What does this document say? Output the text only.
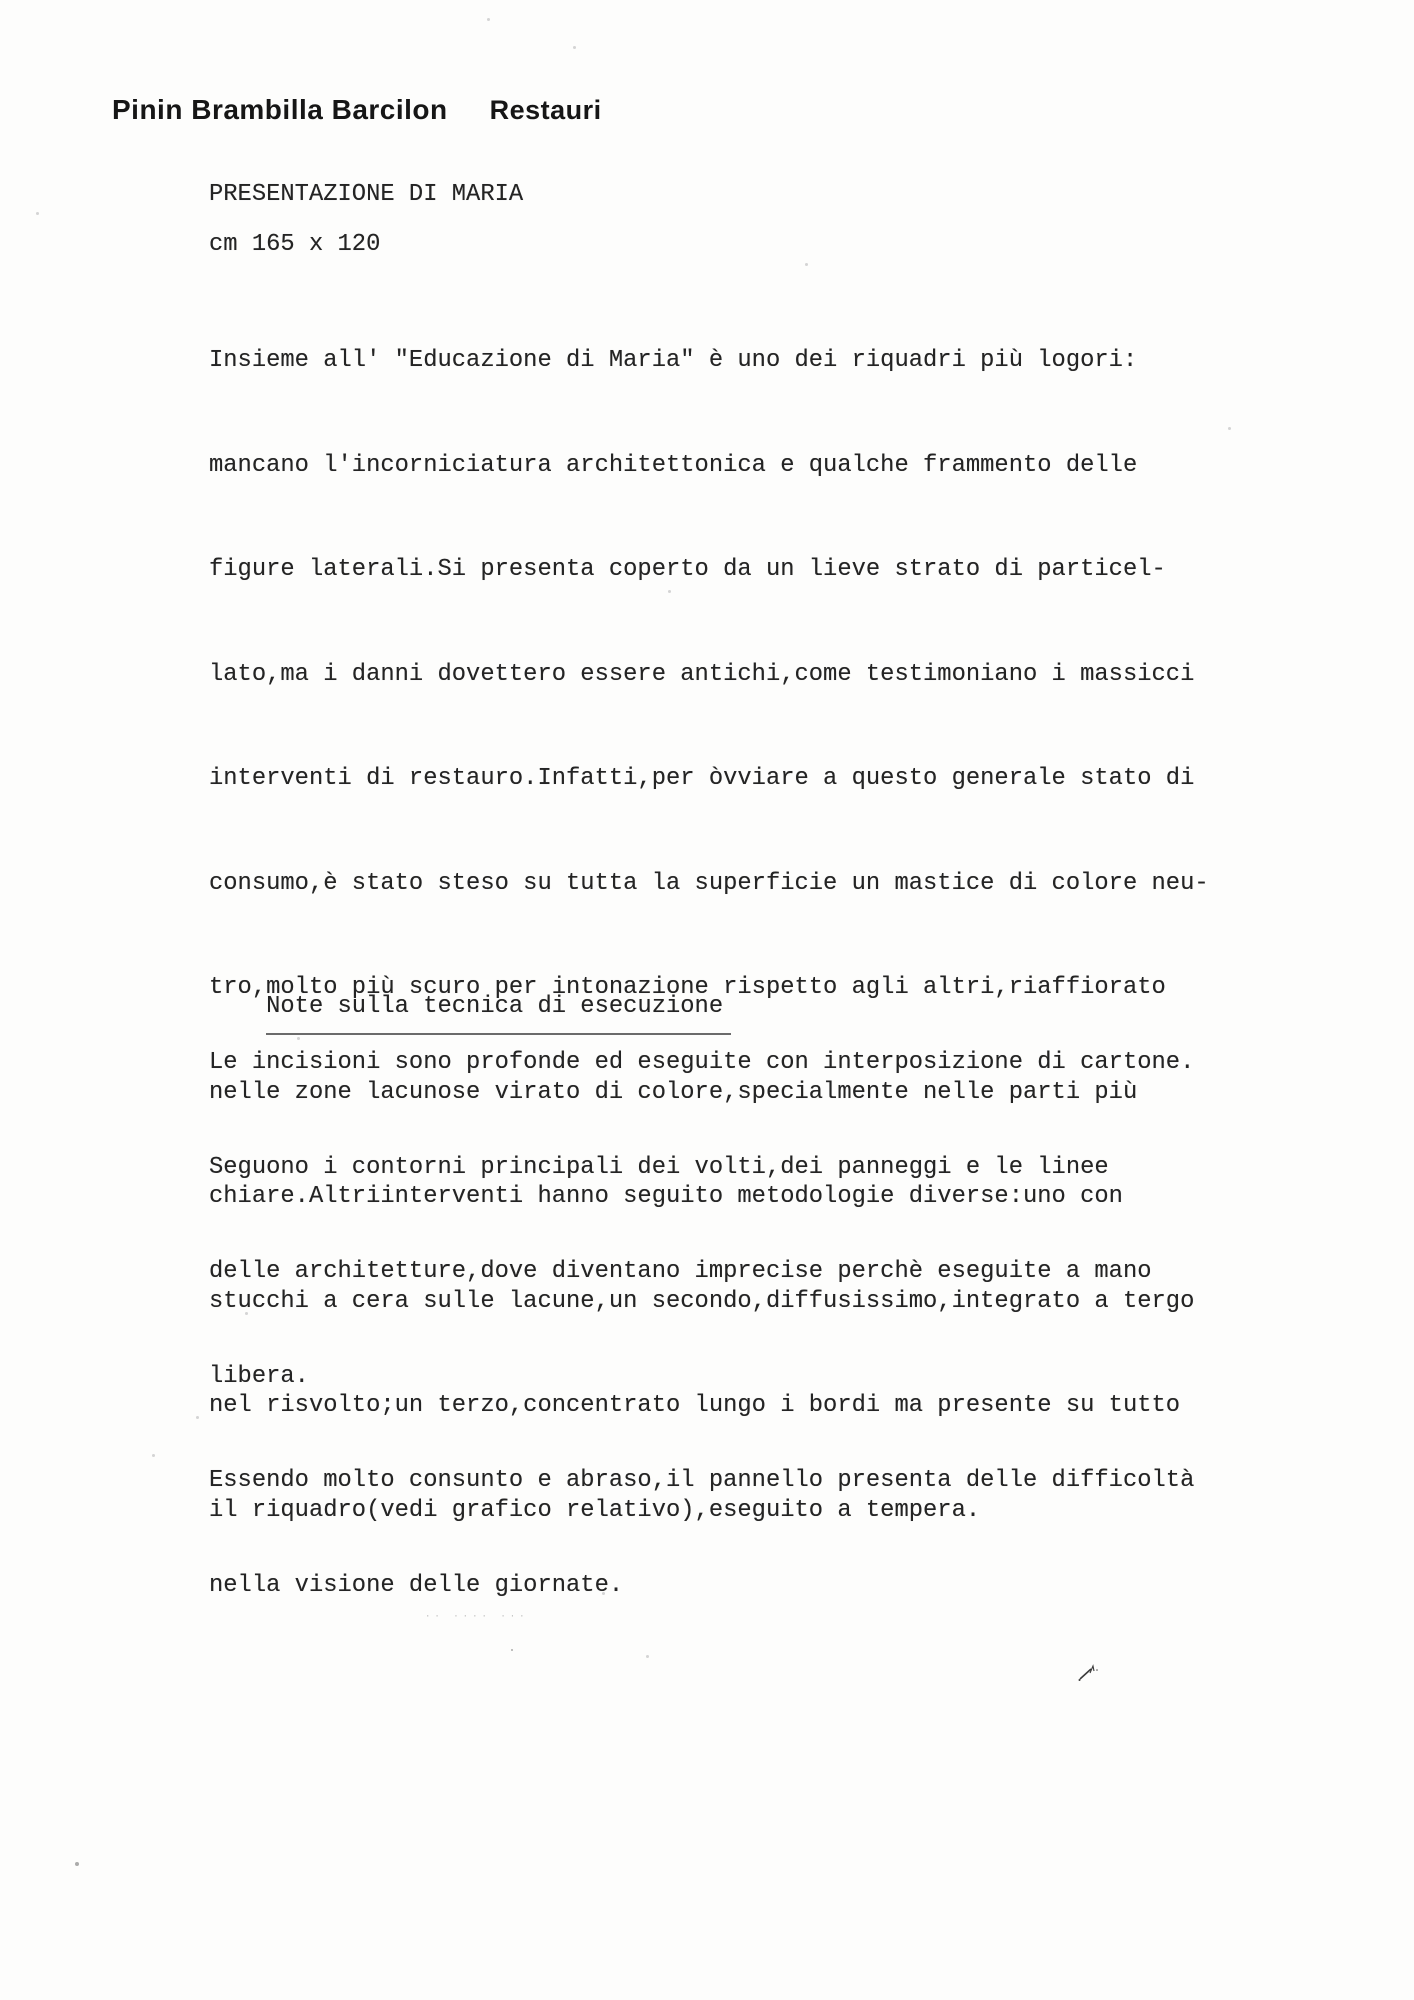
Pinin Brambilla Barcilon Restauri
PRESENTAZIONE DI MARIA
cm 165 x 120

Insieme all' "Educazione di Maria" è uno dei riquadri più logori:

mancano l'incorniciatura architettonica e qualche frammento delle

figure laterali.Si presenta coperto da un lieve strato di particel-

lato,ma i danni dovettero essere antichi,come testimoniano i massicci

interventi di restauro.Infatti,per òvviare a questo generale stato di

consumo,è stato steso su tutta la superficie un mastice di colore neu-

tro,molto più scuro per intonazione rispetto agli altri,riaffiorato

nelle zone lacunose virato di colore,specialmente nelle parti più

chiare.Altriinterventi hanno seguito metodologie diverse:uno con

stucchi a cera sulle lacune,un secondo,diffusissimo,integrato a tergo

nel risvolto;un terzo,concentrato lungo i bordi ma presente su tutto

il riquadro(vedi grafico relativo),eseguito a tempera.

Note sulla tecnica di esecuzione

Le incisioni sono profonde ed eseguite con interposizione di cartone.

Seguono i contorni principali dei volti,dei panneggi e le linee

delle architetture,dove diventano imprecise perchè eseguite a mano

libera.

Essendo molto consunto e abraso,il pannello presenta delle difficoltà

nella visione delle giornate.

·· ···· ···
